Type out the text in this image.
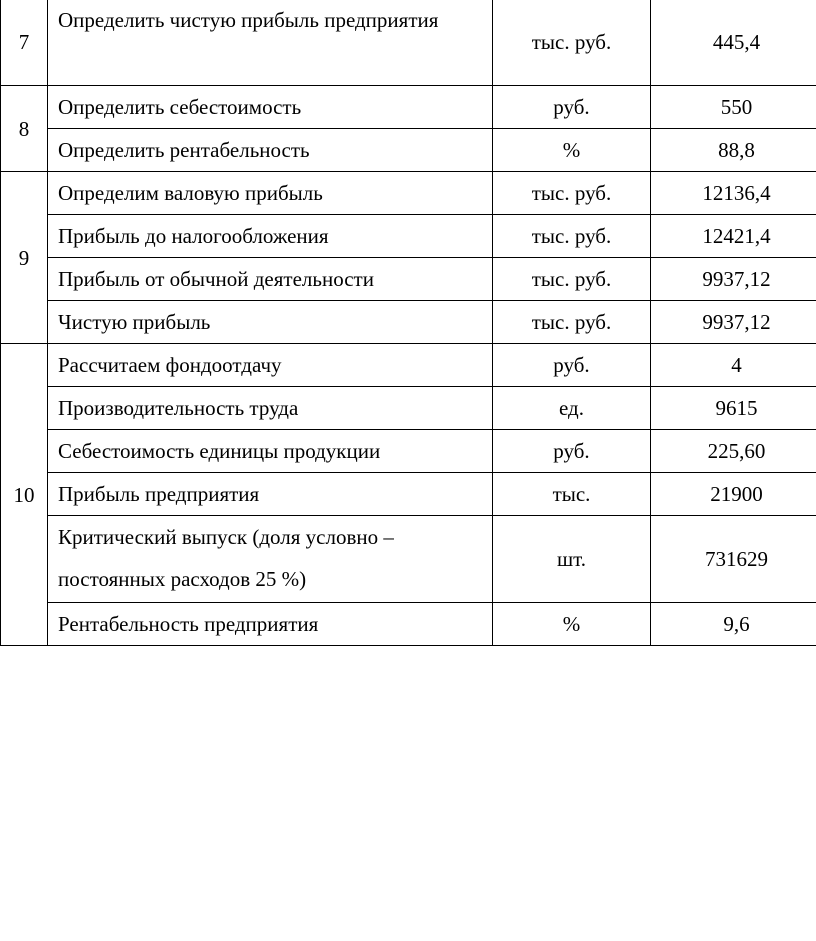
7	Определить чистую прибыль предприятия	тыс. руб.	445,4
8	Определить себестоимость	руб.	550
	Определить рентабельность	%	88,8
9	Определим валовую прибыль	тыс. руб.	12136,4
	Прибыль до налогообложения	тыс. руб.	12421,4
	Прибыль от обычной деятельности	тыс. руб.	9937,12
	Чистую прибыль	тыс. руб.	9937,12
10	Рассчитаем фондоотдачу	руб.	4
	Производительность труда	ед.	9615
	Себестоимость единицы продукции	руб.	225,60
	Прибыль предприятия	тыс.	21900
	Критический выпуск (доля условно – постоянных расходов 25 %)	шт.	731629
	Рентабельность предприятия	%	9,6
